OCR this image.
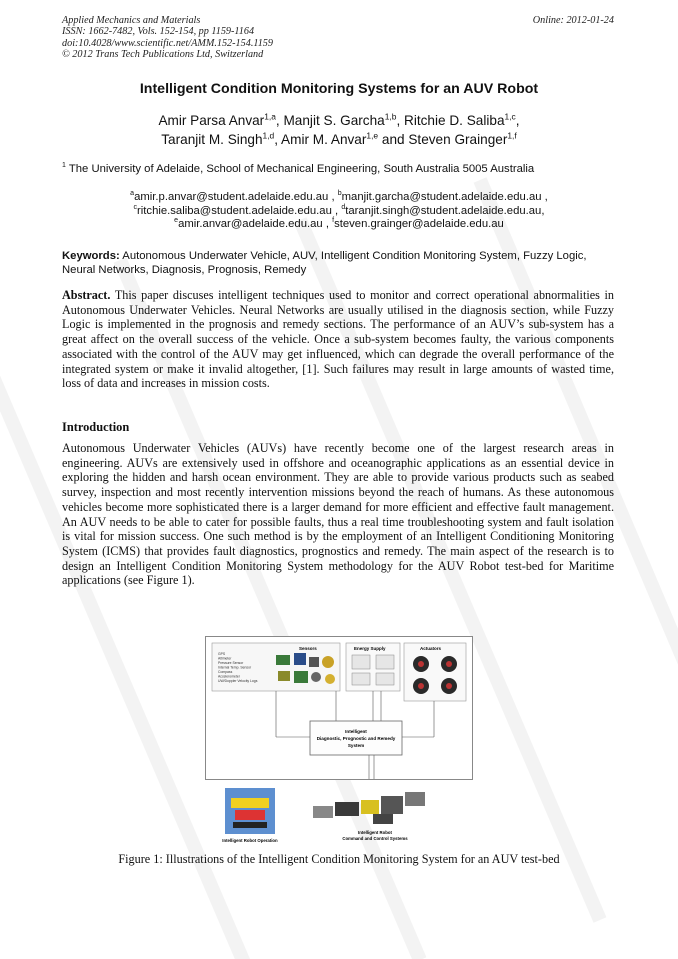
Applied Mechanics and Materials
ISSN: 1662-7482, Vols. 152-154, pp 1159-1164
doi:10.4028/www.scientific.net/AMM.152-154.1159
© 2012 Trans Tech Publications Ltd, Switzerland
Online: 2012-01-24
Intelligent Condition Monitoring Systems for an AUV Robot
Amir Parsa Anvar$^{1,a}$, Manjit S. Garcha$^{1,b}$, Ritchie D. Saliba$^{1,c}$,
Taranjit M. Singh$^{1,d}$, Amir M. Anvar$^{1,e}$ and Steven Grainger$^{1,f}$
$^1$ The University of Adelaide, School of Mechanical Engineering, South Australia 5005 Australia
$^a$amir.p.anvar@student.adelaide.edu.au , $^b$manjit.garcha@student.adelaide.edu.au ,
$^c$ritchie.saliba@student.adelaide.edu.au , $^d$taranjit.singh@student.adelaide.edu.au,
$^e$amir.anvar@adelaide.edu.au , $^f$steven.grainger@adelaide.edu.au
Keywords: Autonomous Underwater Vehicle, AUV, Intelligent Condition Monitoring System, Fuzzy Logic, Neural Networks, Diagnosis, Prognosis, Remedy
Abstract. This paper discuses intelligent techniques used to monitor and correct operational abnormalities in Autonomous Underwater Vehicles. Neural Networks are usually utilised in the diagnosis section, while Fuzzy Logic is implemented in the prognosis and remedy sections. The performance of an AUV’s sub-system has a great affect on the overall success of the vehicle. Once a sub-system becomes faulty, the various components associated with the control of the AUV may get influenced, which can degrade the overall performance of the integrated system or make it invalid altogether, [1]. Such failures may result in large amounts of wasted time, loss of data and increases in mission costs.
Introduction
Autonomous Underwater Vehicles (AUVs) have recently become one of the largest research areas in engineering. AUVs are extensively used in offshore and oceanographic applications as an essential device in exploring the hidden and harsh ocean environment. They are able to provide various products such as seabed survey, inspection and most recently intervention missions beyond the reach of humans. As these autonomous vehicles become more sophisticated there is a larger demand for more efficient and effective fault management. An AUV needs to be able to cater for possible faults, thus a real time troubleshooting system and fault isolation is vital for mission success. One such method is by the employment of an Intelligent Conditioning Monitoring System (ICMS) that provides fault diagnostics, prognostics and remedy. The main aspect of the research is to design an Intelligent Condition Monitoring System methodology for the AUV Robot test-bed for Maritime applications (see Figure 1).
Sensors
GPS
Altimeter
Pressure Sensor
Internal Temp. Sensor
Compass
Accelerometer
UW/Doppler Velocity Logs
Energy Supply	Actuators
Intelligent
Diagnostic, Prognostic and Remedy
System
Intelligent Robot Operation
Intelligent Robot
Command and Control Systems
Figure 1: Illustrations of the Intelligent Condition Monitoring System for an AUV test-bed
